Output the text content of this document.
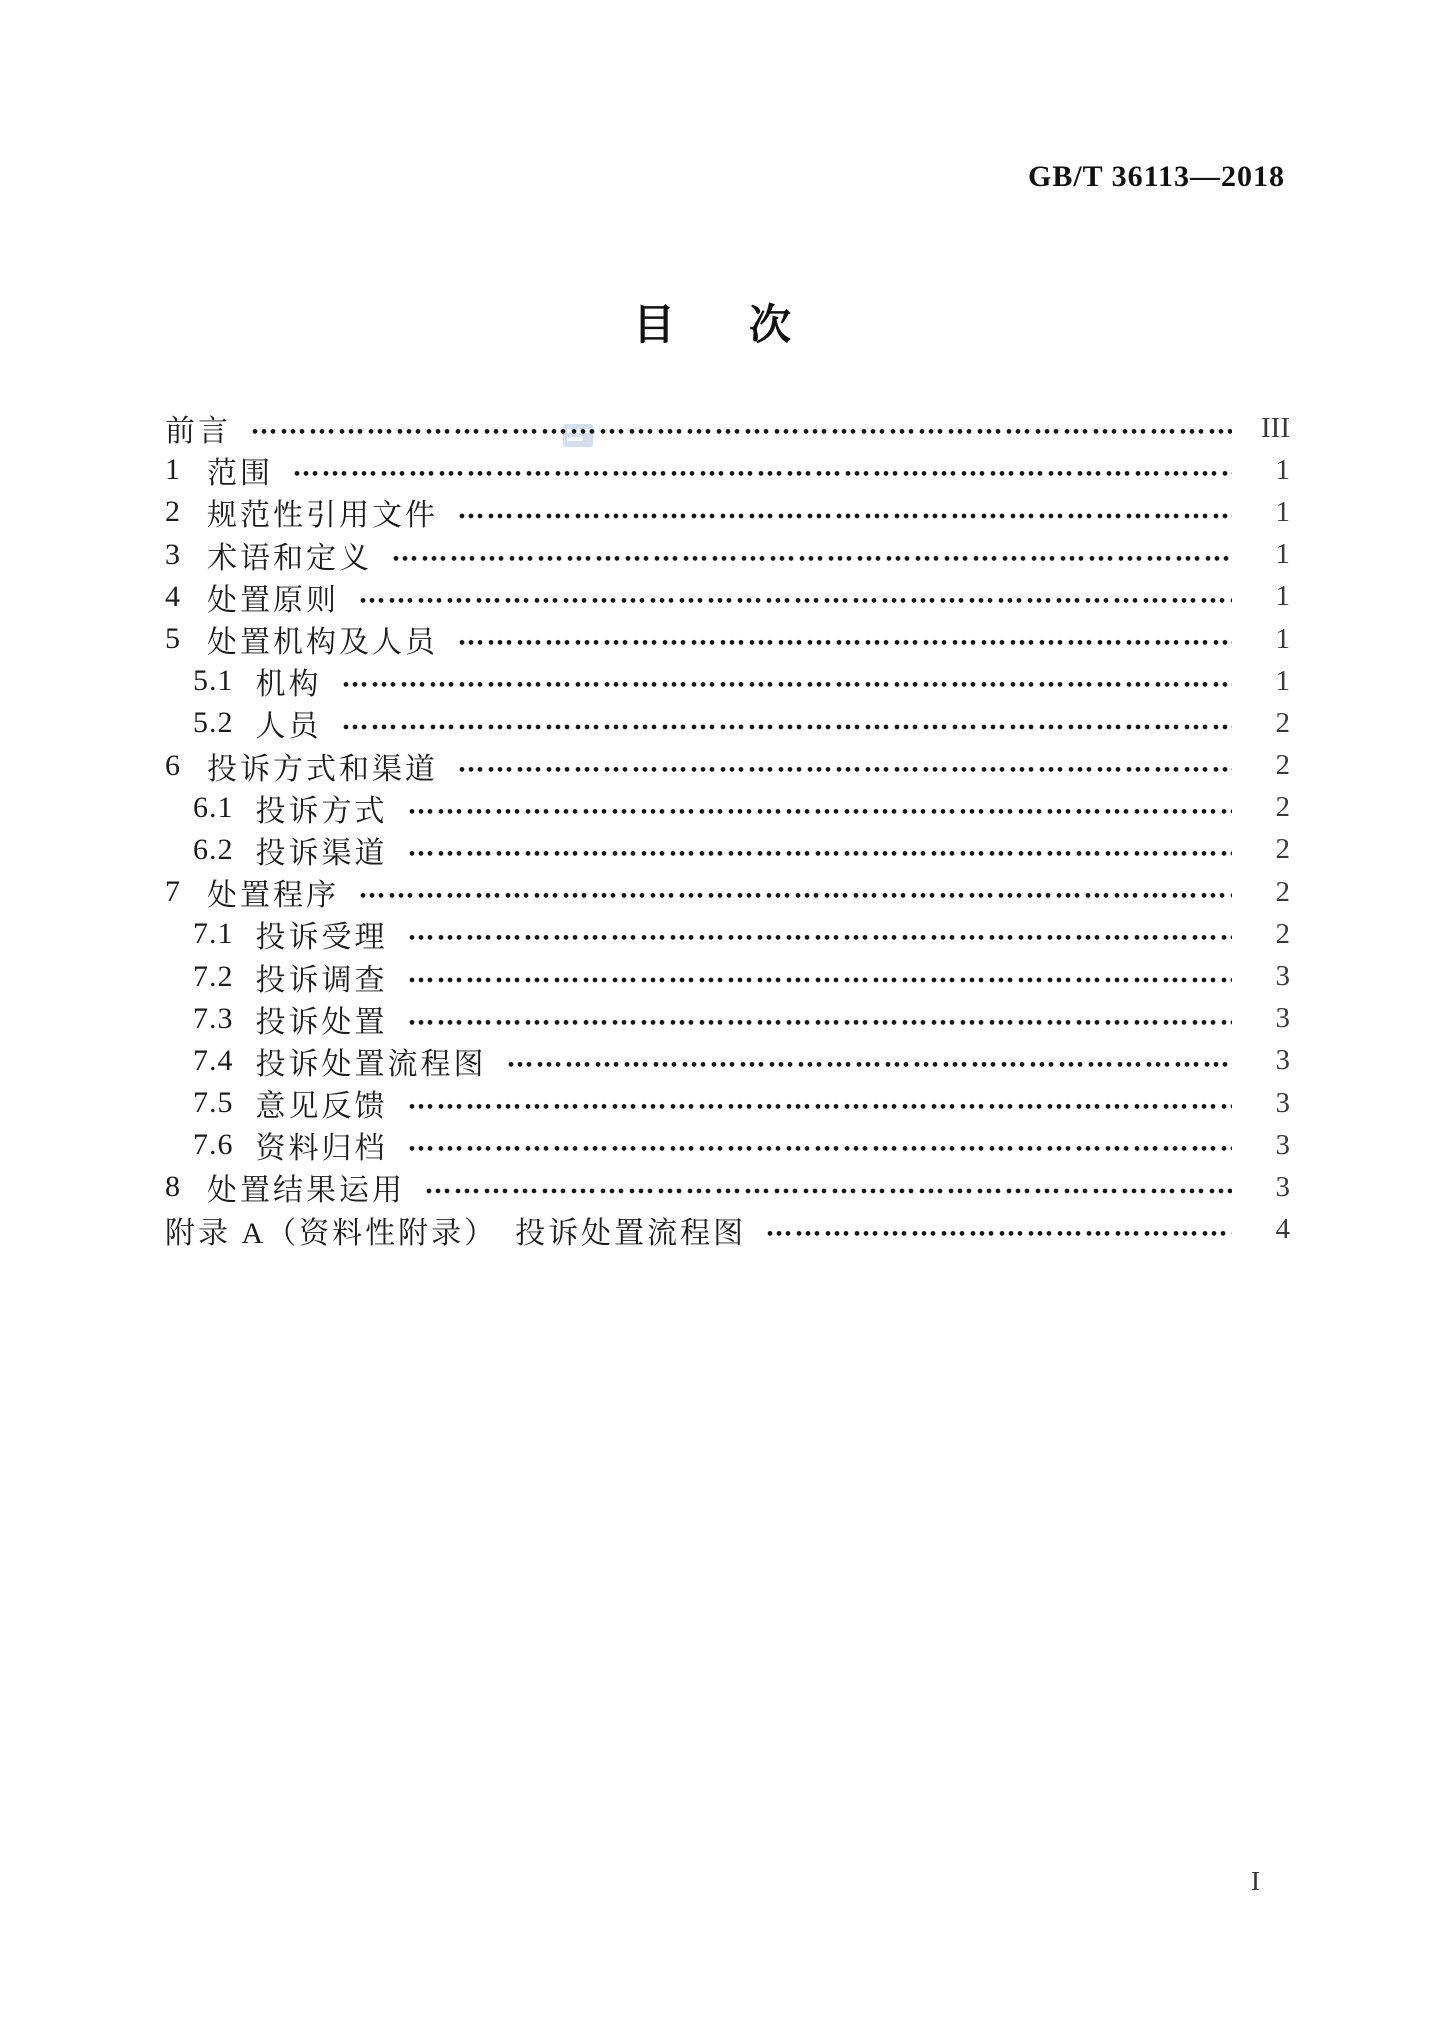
GB/T 36113—2018
目　次
前言	III
1 范围	1
2 规范性引用文件	1
3 术语和定义	1
4 处置原则	1
5 处置机构及人员	1
5.1 机构	1
5.2 人员	2
6 投诉方式和渠道	2
6.1 投诉方式	2
6.2 投诉渠道	2
7 处置程序	2
7.1 投诉受理	2
7.2 投诉调查	3
7.3 投诉处置	3
7.4 投诉处置流程图	3
7.5 意见反馈	3
7.6 资料归档	3
8 处置结果运用	3
附录 A（资料性附录）　投诉处置流程图	4
I
